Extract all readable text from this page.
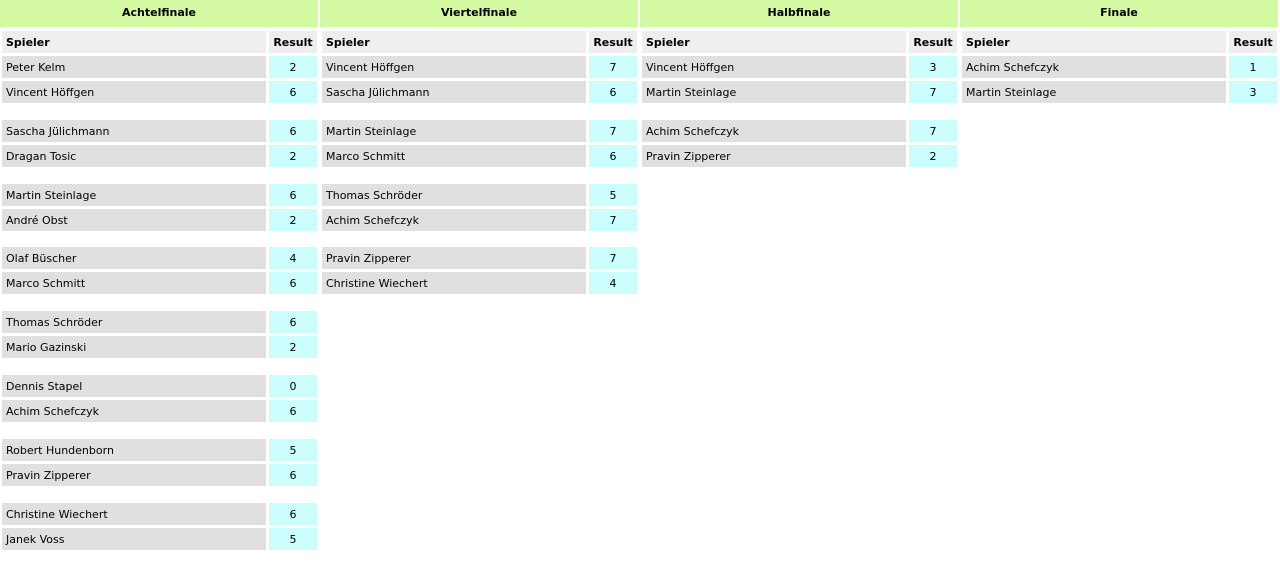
Achtelfinale
Spieler	Result
Peter Kelm	2
Vincent Höffgen	6
Sascha Jülichmann	6
Dragan Tosic	2
Martin Steinlage	6
André Obst	2
Olaf Büscher	4
Marco Schmitt	6
Thomas Schröder	6
Mario Gazinski	2
Dennis Stapel	0
Achim Schefczyk	6
Robert Hundenborn	5
Pravin Zipperer	6
Christine Wiechert	6
Janek Voss	5
Viertelfinale
Spieler	Result
Vincent Höffgen	7
Sascha Jülichmann	6
Martin Steinlage	7
Marco Schmitt	6
Thomas Schröder	5
Achim Schefczyk	7
Pravin Zipperer	7
Christine Wiechert	4
Halbfinale
Spieler	Result
Vincent Höffgen	3
Martin Steinlage	7
Achim Schefczyk	7
Pravin Zipperer	2
Finale
Spieler	Result
Achim Schefczyk	1
Martin Steinlage	3
